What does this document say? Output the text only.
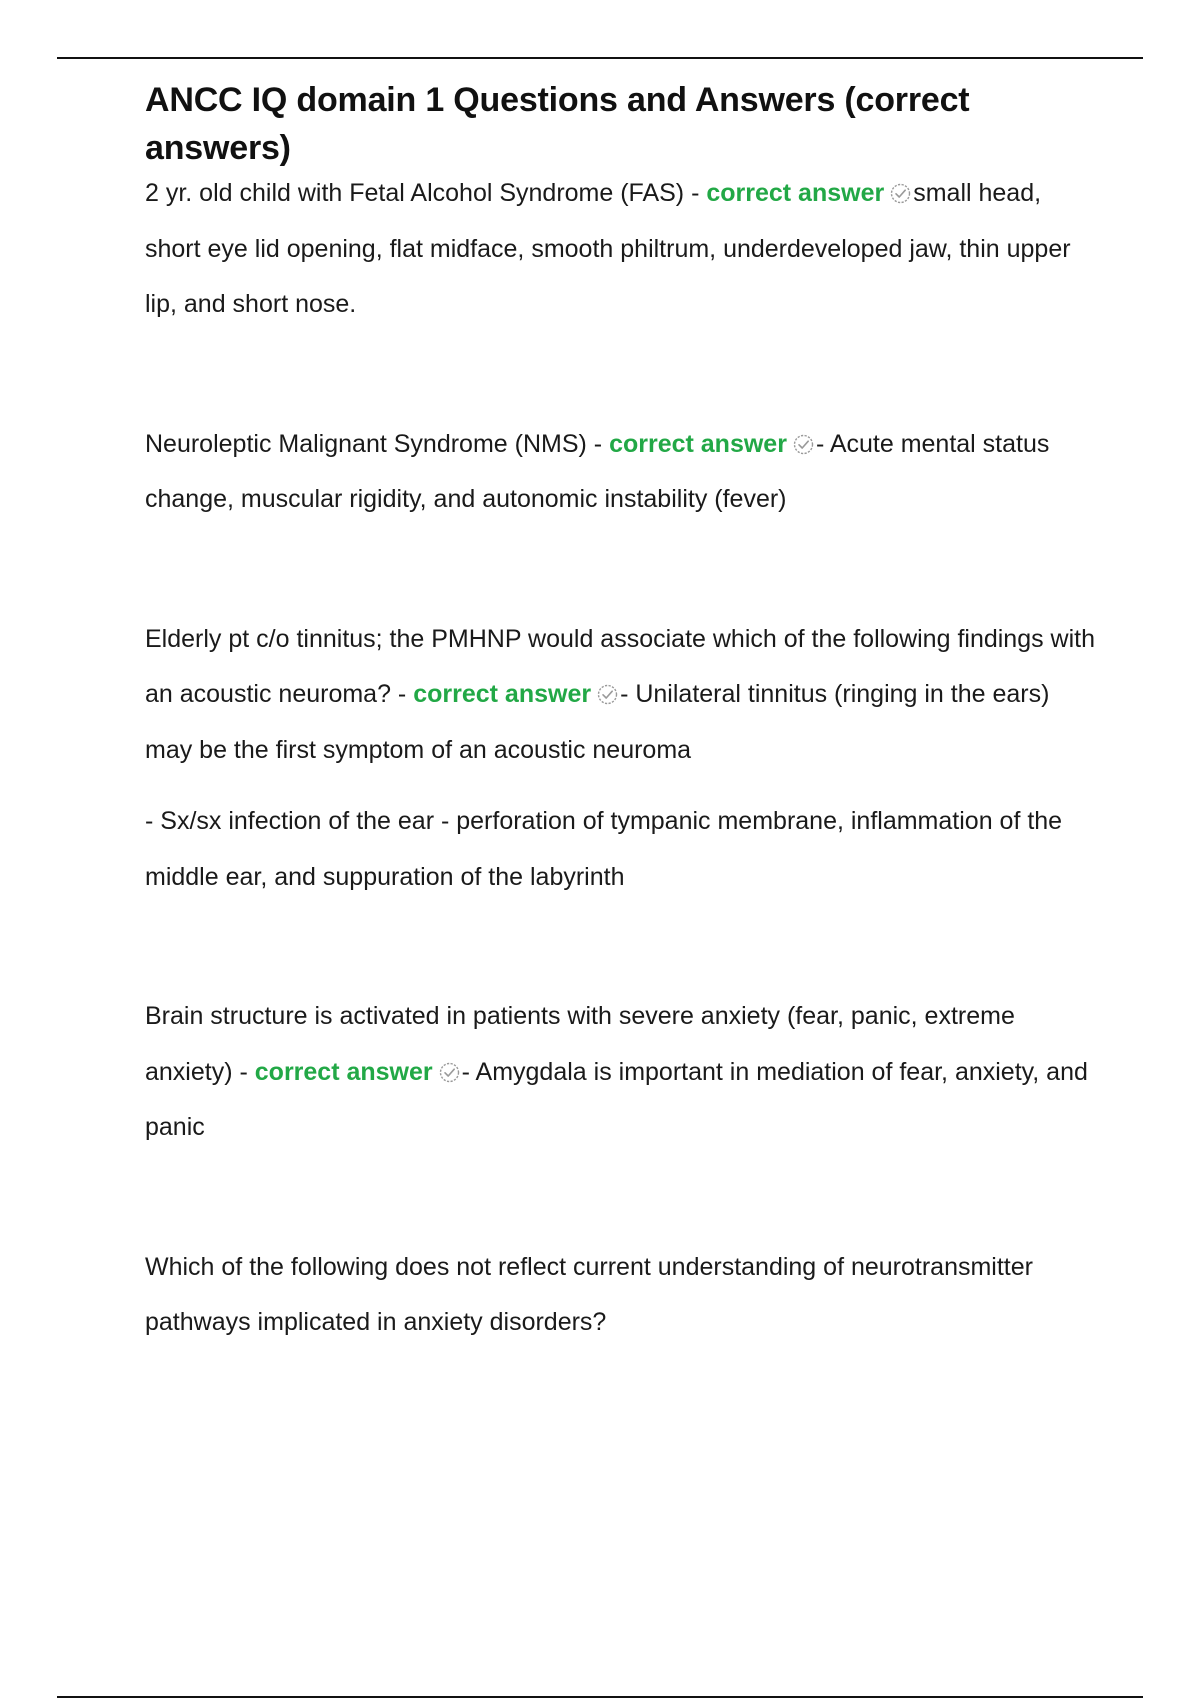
ANCC IQ domain 1 Questions and Answers (correct answers)

2 yr. old child with Fetal Alcohol Syndrome (FAS) - correct answer small head, short eye lid opening, flat midface, smooth philtrum, underdeveloped jaw, thin upper lip, and short nose.

Neuroleptic Malignant Syndrome (NMS) - correct answer - Acute mental status change, muscular rigidity, and autonomic instability (fever)

Elderly pt c/o tinnitus; the PMHNP would associate which of the following findings with an acoustic neuroma? - correct answer - Unilateral tinnitus (ringing in the ears) may be the first symptom of an acoustic neuroma

- Sx/sx infection of the ear - perforation of tympanic membrane, inflammation of the middle ear, and suppuration of the labyrinth

Brain structure is activated in patients with severe anxiety (fear, panic, extreme anxiety) - correct answer - Amygdala is important in mediation of fear, anxiety, and panic

Which of the following does not reflect current understanding of neurotransmitter pathways implicated in anxiety disorders?
